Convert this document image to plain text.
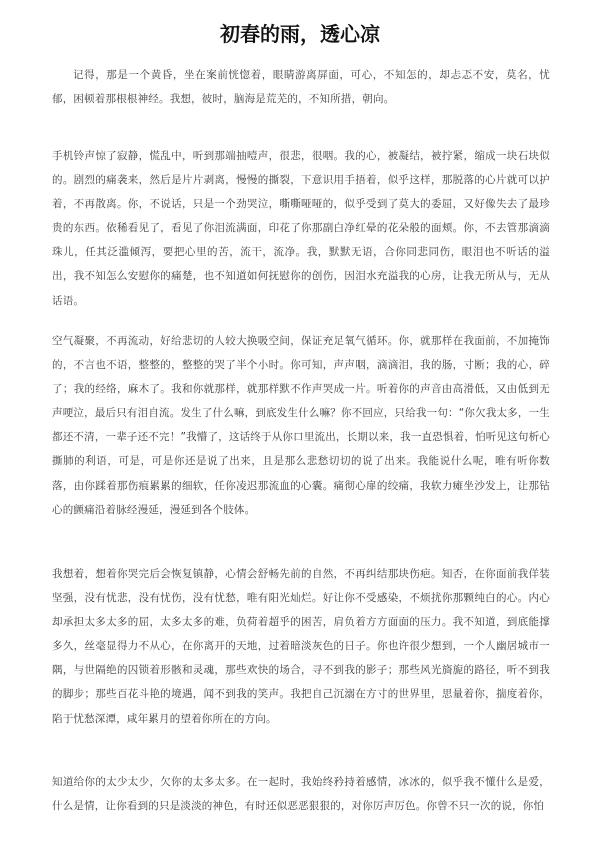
初春的雨，透心凉

记得，那是一个黄昏，坐在案前恍惚着，眼睛游离屏面，可心，不知怎的，却忐忑不安，莫名，忧郁，困顿着那根根神经。我想，彼时，脑海是荒芜的，不知所措，朝向。

手机铃声惊了寂静，慌乱中，听到那端抽噎声，很悲，很咽。我的心，被凝结，被拧紧，缩成一块石块似的。剧烈的痛袭来，然后是片片剥离，慢慢的撕裂，下意识用手捂着，似乎这样，那脱落的心片就可以护着，不再散离。你，不说话，只是一个劲哭泣，嘶嘶哑哑的，似乎受到了莫大的委屈，又好像失去了最珍贵的东西。依稀看见了，看见了你泪流满面，印花了你那副白净红晕的花朵般的面颊。你，不去管那滴滴珠儿，任其泛滥倾泻，要把心里的苦，流干，流净。我，默默无语，合你同悲同伤，眼泪也不听话的溢出，我不知怎么安慰你的痛楚，也不知道如何抚慰你的创伤，因泪水充溢我的心房，让我无所从与，无从话语。

空气凝聚，不再流动，好给悲切的人较大换吸空间，保证充足氧气循环。你，就那样在我面前，不加掩饰的，不言也不语，整整的，整整的哭了半个小时。你可知，声声咽，滴滴泪，我的肠，寸断；我的心，碎了；我的经络，麻木了。我和你就那样，就那样默不作声哭成一片。听着你的声音由高滑低，又由低到无声哽泣，最后只有泪自流。发生了什么嘛，到底发生什么嘛？你不回应，只给我一句：“你欠我太多，一生都还不清，一辈子还不完！”我懵了，这话终于从你口里流出，长期以来，我一直恐惧着，怕听见这句析心撕肺的利语，可是，可是你还是说了出来，且是那么悲愁切切的说了出来。我能说什么呢，唯有听你数落，由你蹂着那伤痕累累的细软，任你凌迟那流血的心囊。痛彻心扉的绞痛，我软力瘫坐沙发上，让那钻心的颤痛沿着脉经漫延，漫延到各个肢体。

我想着，想着你哭完后会恢复镇静，心情会舒畅先前的自然，不再纠结那块伤疤。知否，在你面前我佯装坚强，没有忧悲，没有忧伤，没有忧愁，唯有阳光灿烂。好让你不受感染，不烦扰你那颗纯白的心。内心却承担太多太多的屈，太多太多的难，负荷着超乎的困苦，肩负着方方面面的压力。我不知道，到底能撑多久，丝毫显得力不从心，在你离开的天地，过着暗淡灰色的日子。你也许很少想到，一个人幽居城市一隅，与世隔绝的囚锁着形骸和灵魂，那些欢快的场合，寻不到我的影子；那些风光旖旎的路径，听不到我的脚步；那些百花斗艳的境遇，闻不到我的笑声。我把自己沉溺在方寸的世界里，思量着你，揣度着你，陷于忧愁深潭，咸年累月的望着你所在的方向。

知道给你的太少太少，欠你的太多太多。在一起时，我始终矜持着感情，冰冰的，似乎我不懂什么是爱，什么是情，让你看到的只是淡淡的神色，有时还似恶恶狠狠的，对你厉声厉色。你曾不只一次的说，你怕
